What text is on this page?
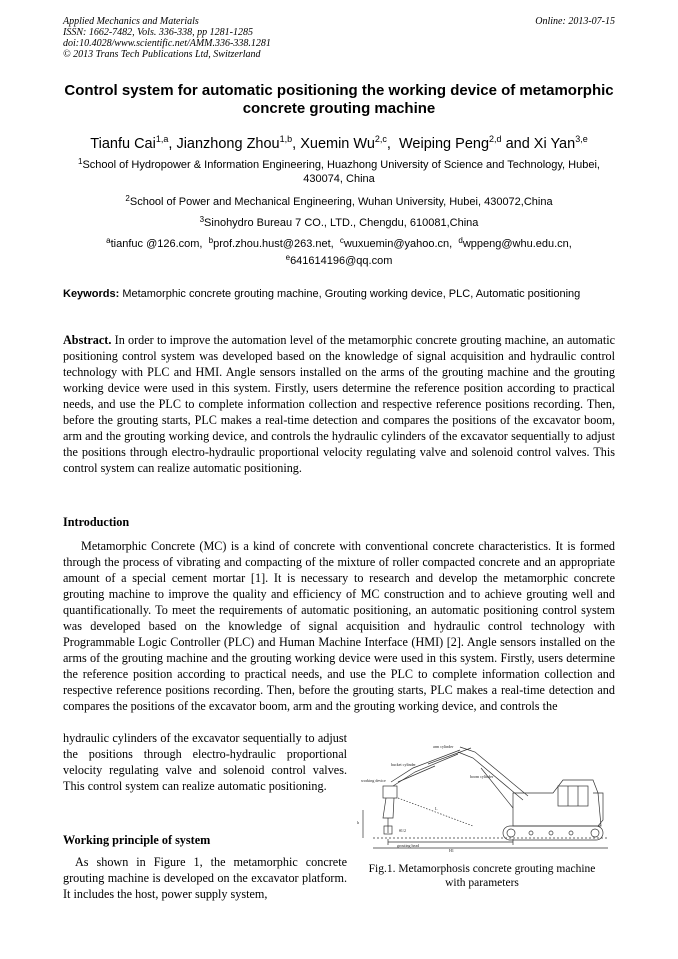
Applied Mechanics and Materials
ISSN: 1662-7482, Vols. 336-338, pp 1281-1285
doi:10.4028/www.scientific.net/AMM.336-338.1281
© 2013 Trans Tech Publications Ltd, Switzerland
Online: 2013-07-15
Control system for automatic positioning the working device of metamorphic concrete grouting machine
Tianfu Cai$^{1,a}$, Jianzhong Zhou$^{1,b}$, Xuemin Wu$^{2,c}$,  Weiping Peng$^{2,d}$ and Xi Yan$^{3,e}$
$^1$School of Hydropower & Information Engineering, Huazhong University of Science and Technology, Hubei, 430074, China
$^2$School of Power and Mechanical Engineering, Wuhan University, Hubei, 430072,China
$^3$Sinohydro Bureau 7 CO., LTD., Chengdu, 610081,China
$^a$tianfuc @126.com, $^b$prof.zhou.hust@263.net, $^c$wuxuemin@yahoo.cn, $^d$wppeng@whu.edu.cn,
$^e$641614196@qq.com
Keywords: Metamorphic concrete grouting machine, Grouting working device, PLC, Automatic positioning
Abstract. In order to improve the automation level of the metamorphic concrete grouting machine, an automatic positioning control system was developed based on the knowledge of signal acquisition and hydraulic control technology with PLC and HMI. Angle sensors installed on the arms of the grouting machine and the grouting working device were used in this system. Firstly, users determine the reference position according to practical needs, and use the PLC to complete information collection and respective reference positions recording. Then, before the grouting starts, PLC makes a real-time detection and compares the positions of the excavator boom, arm and the grouting working device, and controls the hydraulic cylinders of the excavator sequentially to adjust the positions through electro-hydraulic proportional velocity regulating valve and solenoid control valves. This control system can realize automatic positioning.
Introduction
Metamorphic Concrete (MC) is a kind of concrete with conventional concrete characteristics. It is formed through the process of vibrating and compacting of the mixture of roller compacted concrete and an appropriate amount of a special cement mortar [1]. It is necessary to research and develop the metamorphic concrete grouting machine to improve the quality and efficiency of MC construction and to achieve grouting well and quantificationally. To meet the requirements of automatic positioning, an automatic positioning control system was developed based on the knowledge of signal acquisition and hydraulic control technology with Programmable Logic Controller (PLC) and Human Machine Interface (HMI) [2]. Angle sensors installed on the arms of the grouting machine and the grouting working device were used in this system. Firstly, users determine the reference position according to practical needs, and use the PLC to complete information collection and respective reference positions recording. Then, before the grouting starts, PLC makes a real-time detection and compares the positions of the excavator boom, arm and the grouting working device, and controls the
hydraulic cylinders of the excavator sequentially to adjust the positions through electro-hydraulic proportional velocity regulating valve and solenoid control valves. This control system can realize automatic positioning.
Working principle of system
As shown in Figure 1, the metamorphic concrete grouting machine is developed on the excavator platform. It includes the host, power supply system,
arm cylinder
bucket cylinder
boom cylinder
working device
grouting head
θ1/2
h
H1
L
Fig.1. Metamorphosis concrete grouting machine with parameters
